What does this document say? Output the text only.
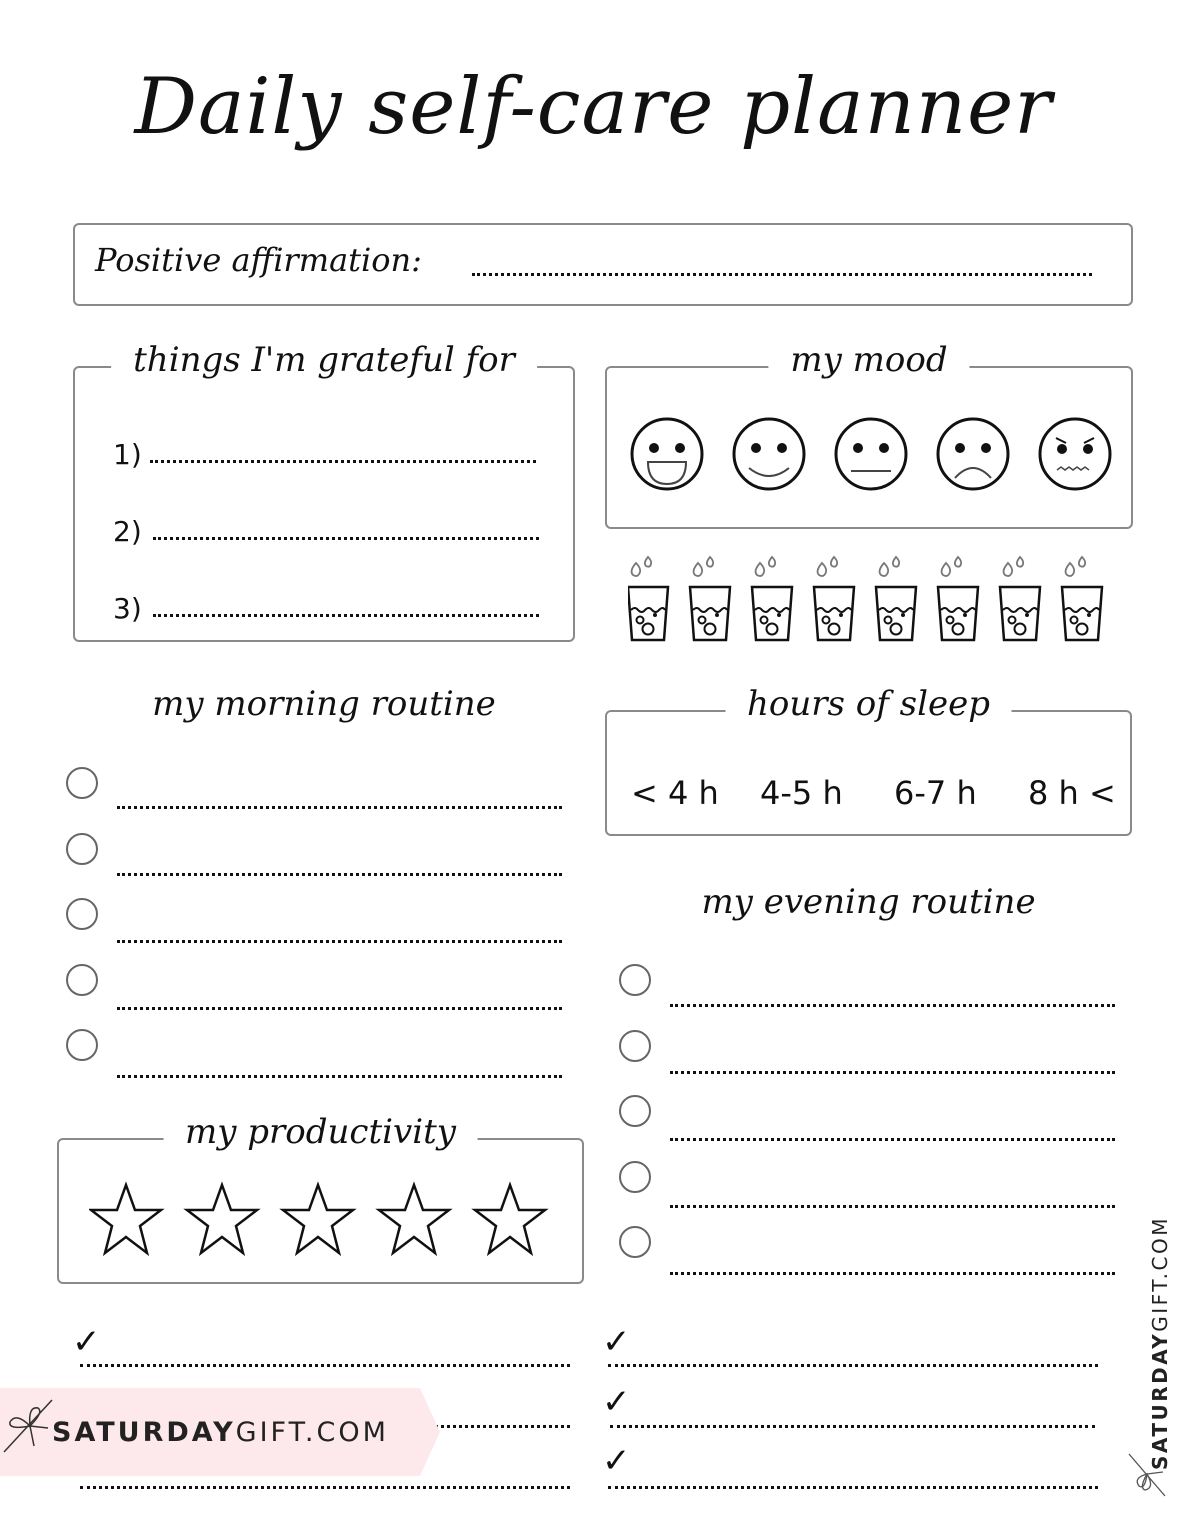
Daily self-care planner
Positive affirmation:
things I'm grateful for
1)
2)
3)
my mood
my morning routine	hours of sleep
< 4 h 4-5 h 6-7 h 8 h <
my evening routine
my productivity
✓	✓
✓
✓
SATURDAYGIFT.COM	SATURDAYGIFT.COM
